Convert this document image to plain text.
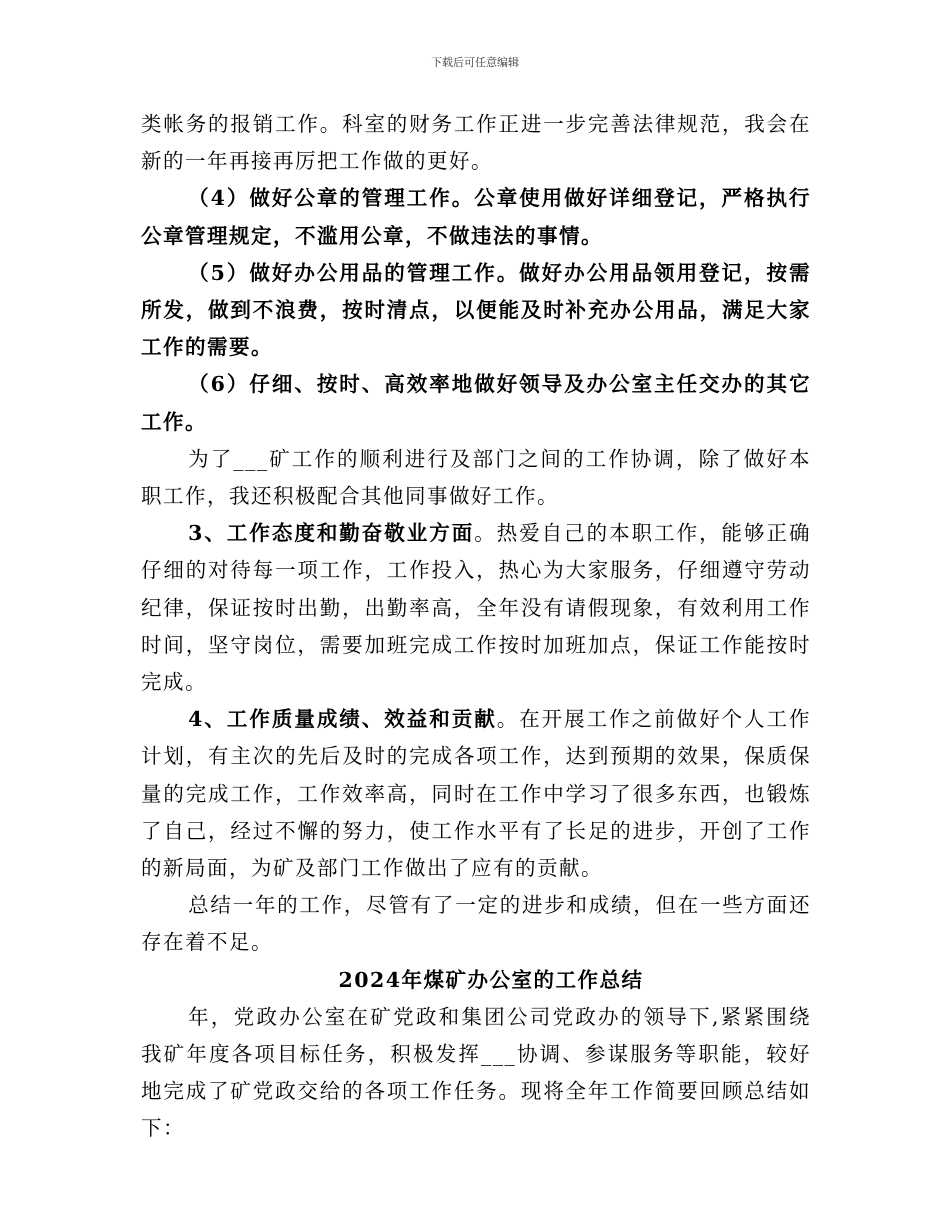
下载后可任意编辑

类帐务的报销工作。科室的财务工作正进一步完善法律规范，我会在新的一年再接再厉把工作做的更好。

（4）做好公章的管理工作。公章使用做好详细登记，严格执行公章管理规定，不滥用公章，不做违法的事情。

（5）做好办公用品的管理工作。做好办公用品领用登记，按需所发，做到不浪费，按时清点，以便能及时补充办公用品，满足大家工作的需要。

（6）仔细、按时、高效率地做好领导及办公室主任交办的其它工作。

为了___矿工作的顺利进行及部门之间的工作协调，除了做好本职工作，我还积极配合其他同事做好工作。

3、工作态度和勤奋敬业方面。热爱自己的本职工作，能够正确仔细的对待每一项工作，工作投入，热心为大家服务，仔细遵守劳动纪律，保证按时出勤，出勤率高，全年没有请假现象，有效利用工作时间，坚守岗位，需要加班完成工作按时加班加点，保证工作能按时完成。

4、工作质量成绩、效益和贡献。在开展工作之前做好个人工作计划，有主次的先后及时的完成各项工作，达到预期的效果，保质保量的完成工作，工作效率高，同时在工作中学习了很多东西，也锻炼了自己，经过不懈的努力，使工作水平有了长足的进步，开创了工作的新局面，为矿及部门工作做出了应有的贡献。

总结一年的工作，尽管有了一定的进步和成绩，但在一些方面还存在着不足。

2024年煤矿办公室的工作总结

年，党政办公室在矿党政和集团公司党政办的领导下,紧紧围绕我矿年度各项目标任务，积极发挥___协调、参谋服务等职能，较好地完成了矿党政交给的各项工作任务。现将全年工作简要回顾总结如下：
